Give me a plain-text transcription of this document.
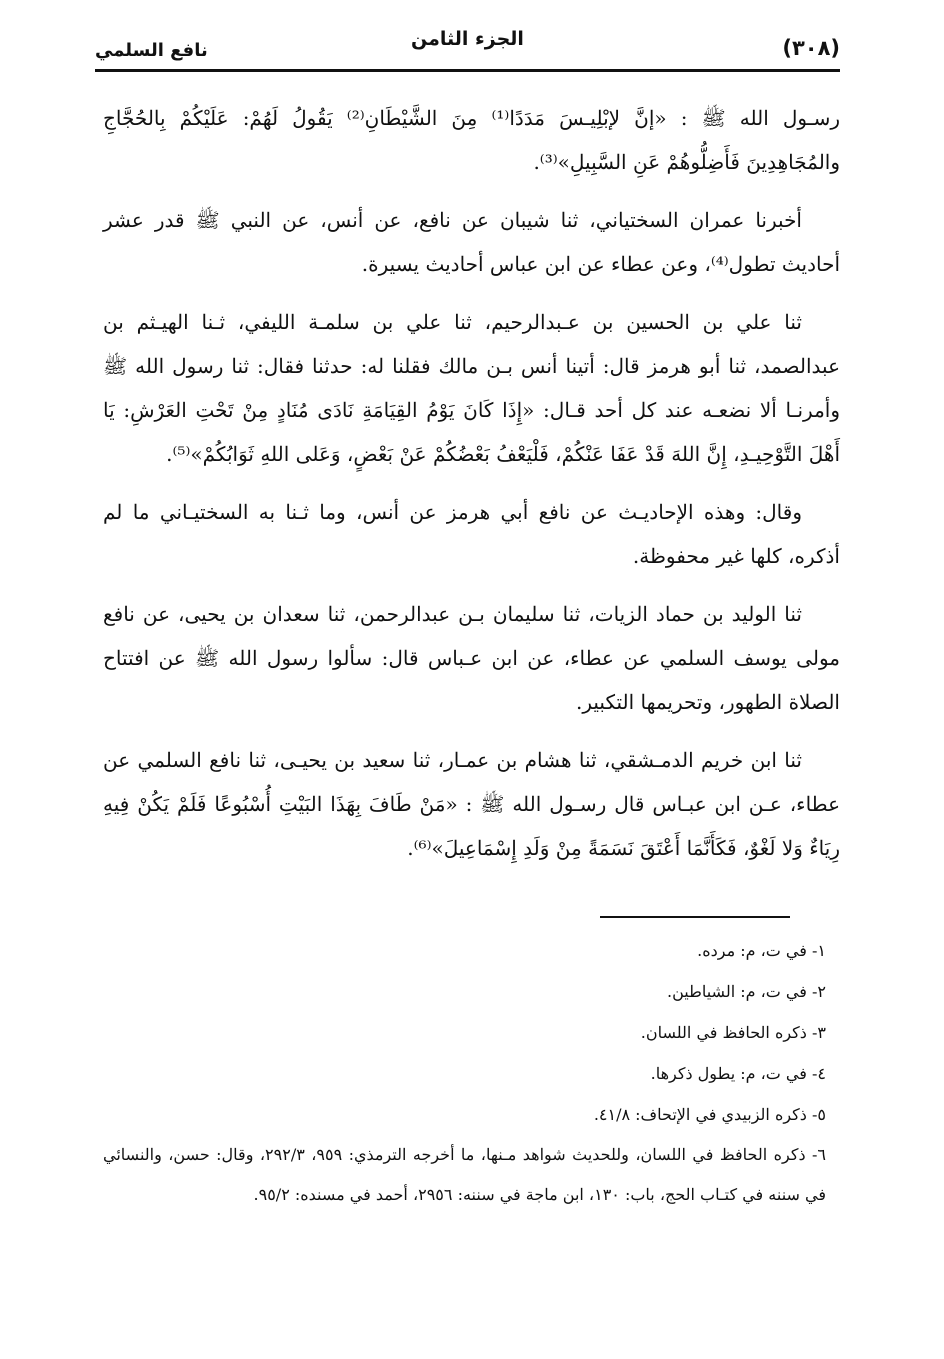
(٣٠٨)
الجزء الثامن
نافع السلمي

رسـول الله ﷺ : «إنَّ لإبْلِيـسَ مَدَدًا⁽¹⁾ مِنَ الشَّيْطَانِ⁽²⁾ يَقُولُ لَهُمْ: عَلَيْكُمْ بِالحُجَّاجِ والمُجَاهِدِينَ فَأَضِلُّوهُمْ عَنِ السَّبِيلِ»⁽³⁾.

أخبرنا عمران السختياني، ثنا شيبان عن نافع، عن أنس، عن النبي ﷺ قدر عشر أحاديث تطول⁽⁴⁾، وعن عطاء عن ابن عباس أحاديث يسيرة.

ثنا علي بن الحسين بن عـبدالرحيم، ثنا علي بن سلمـة الليفي، ثـنا الهيـثم بن عبدالصمد، ثنا أبو هرمز قال: أتينا أنس بـن مالك فقلنا له: حدثنا فقال: ثنا رسول الله ﷺ وأمرنـا ألا نضعـه عند كل أحد قـال: «إِذَا كَانَ يَوْمُ القِيَامَةِ نَادَى مُنَادٍ مِنْ تَحْتِ العَرْشِ: يَا أَهْلَ التَّوْحِيـدِ، إِنَّ اللهَ قَدْ عَفَا عَنْكُمْ، فَلْيَعْفُ بَعْضُكُمْ عَنْ بَعْضٍ، وَعَلى اللهِ ثَوَابُكُمْ»⁽⁵⁾.

وقال: وهذه الإحاديـث عن نافع أبي هرمز عن أنس، وما ثـنا به السختيـاني ما لم أذكره، كلها غير محفوظة.

ثنا الوليد بن حماد الزيات، ثنا سليمان بـن عبدالرحمن، ثنا سعدان بن يحيى، عن نافع مولى يوسف السلمي عن عطاء، عن ابن عـباس قال: سألوا رسول الله ﷺ عن افتتاح الصلاة الطهور، وتحريمها التكبير.

ثنا ابن خريم الدمـشقي، ثنا هشام بن عمـار، ثنا سعيد بن يحيـى، ثنا نافع السلمي عن عطاء، عـن ابن عبـاس قال رسـول الله ﷺ : «مَنْ طَافَ بِهَذَا البَيْتِ أُسْبُوعًا فَلَمْ يَكُنْ فِيهِ رِيَاءٌ وَلا لَغْوٌ، فَكَأَنَّمَا أَعْتَقَ نَسَمَةً مِنْ وَلَدِ إِسْمَاعِيلَ»⁽⁶⁾.

١- في ت، م: مرده.
٢- في ت، م: الشياطين.
٣- ذكره الحافظ في اللسان.
٤- في ت، م: يطول ذكرها.
٥- ذكره الزبيدي في الإتحاف: ٤١/٨.
٦- ذكره الحافظ في اللسان، وللحديث شواهد مـنها، ما أخرجه الترمذي: ٩٥٩، ٢٩٢/٣، وقال: حسن، والنسائي في سننه في كتـاب الحج، باب: ١٣٠، ابن ماجة في سننه: ٢٩٥٦، أحمد في مسنده: ٩٥/٢.
